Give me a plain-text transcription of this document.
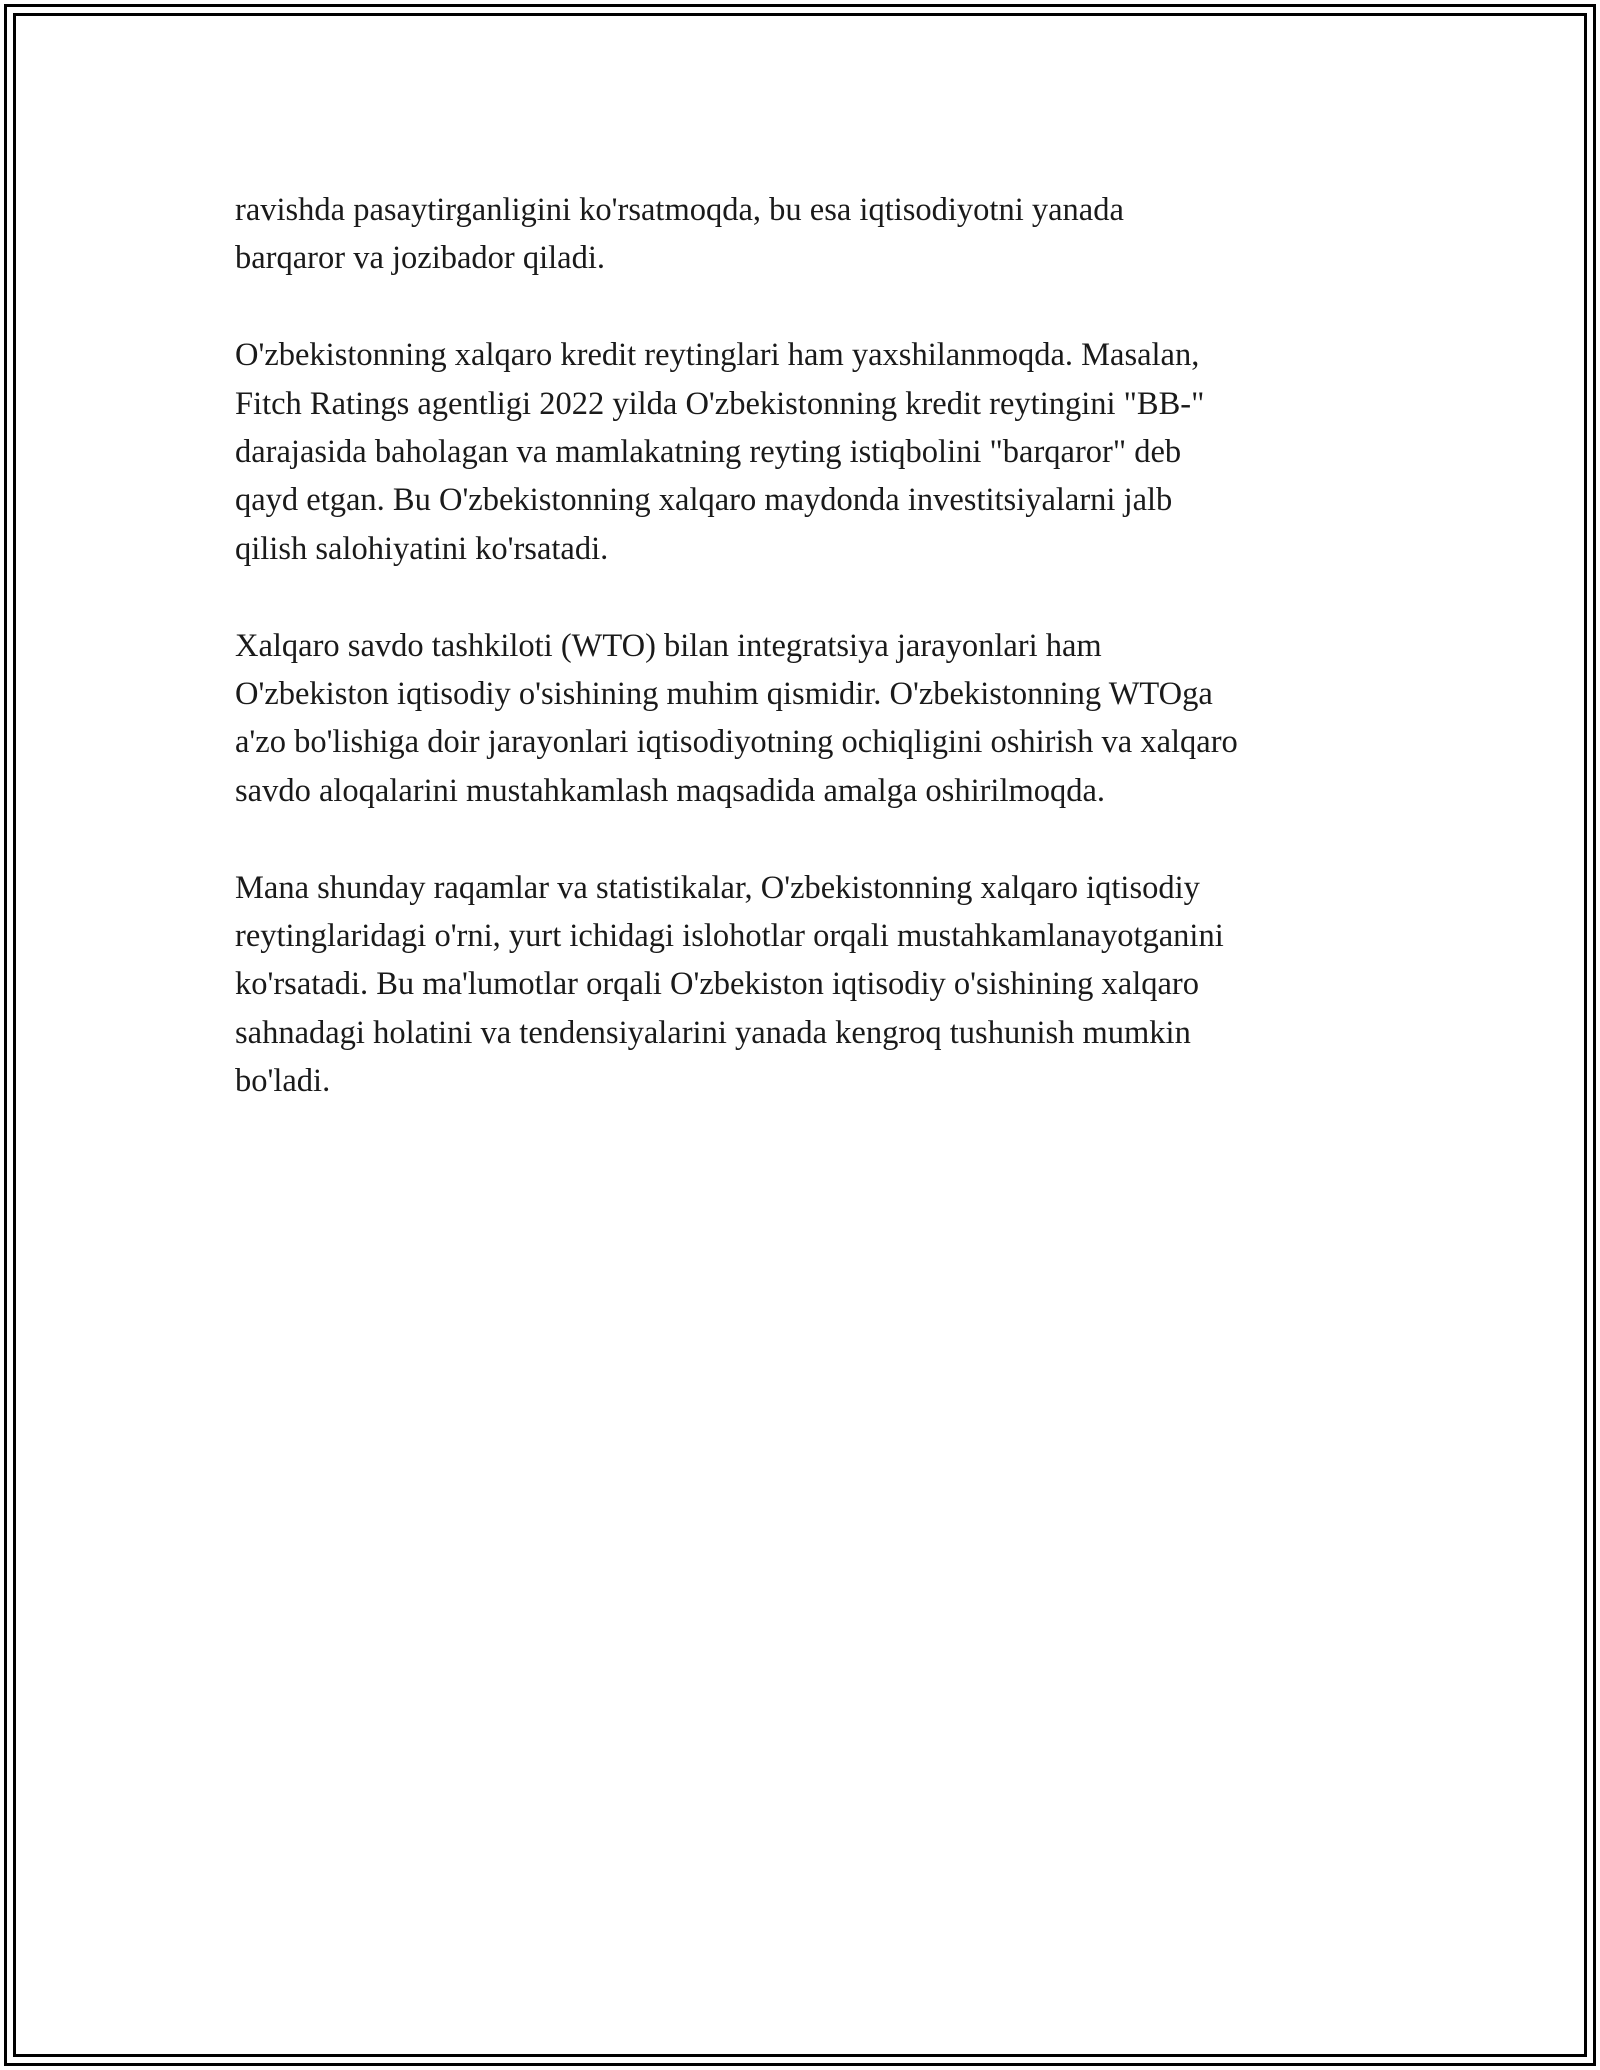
ravishda pasaytirganligini ko'rsatmoqda, bu esa iqtisodiyotni yanada
barqaror va jozibador qiladi.

O'zbekistonning xalqaro kredit reytinglari ham yaxshilanmoqda. Masalan,
Fitch Ratings agentligi 2022 yilda O'zbekistonning kredit reytingini "BB-"
darajasida baholagan va mamlakatning reyting istiqbolini "barqaror" deb
qayd etgan. Bu O'zbekistonning xalqaro maydonda investitsiyalarni jalb
qilish salohiyatini ko'rsatadi.

Xalqaro savdo tashkiloti (WTO) bilan integratsiya jarayonlari ham
O'zbekiston iqtisodiy o'sishining muhim qismidir. O'zbekistonning WTOga
a'zo bo'lishiga doir jarayonlari iqtisodiyotning ochiqligini oshirish va xalqaro
savdo aloqalarini mustahkamlash maqsadida amalga oshirilmoqda.

Mana shunday raqamlar va statistikalar, O'zbekistonning xalqaro iqtisodiy
reytinglaridagi o'rni, yurt ichidagi islohotlar orqali mustahkamlanayotganini
ko'rsatadi. Bu ma'lumotlar orqali O'zbekiston iqtisodiy o'sishining xalqaro
sahnadagi holatini va tendensiyalarini yanada kengroq tushunish mumkin
bo'ladi.
